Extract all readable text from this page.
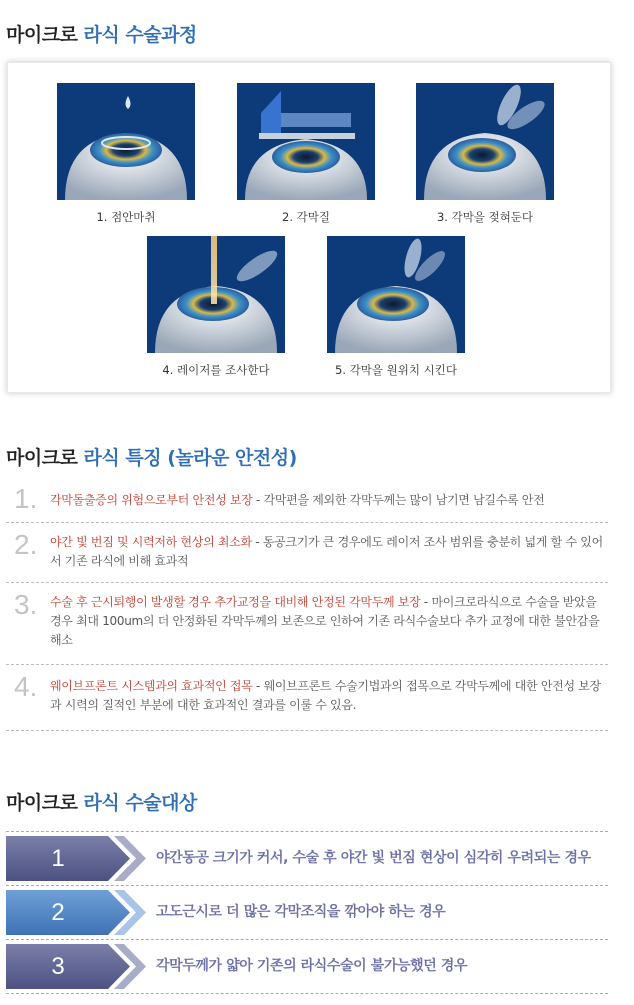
마이크로 라식 수술과정
1. 점안마취	2. 각막질	3. 각막을 젖혀둔다
4. 레이저를 조사한다	5. 각막을 원위치 시킨다
마이크로 라식 특징 (놀라운 안전성)
1. 각막돌출증의 위험으로부터 안전성 보장 - 각막편을 제외한 각막두께는 많이 남기면 남길수록 안전
2. 야간 빛 번짐 및 시력저하 현상의 최소화 - 동공크기가 큰 경우에도 레이저 조사 범위를 충분히 넓게 할 수 있어서 기존 라식에 비해 효과적
3. 수술 후 근시퇴행이 발생할 경우 추가교정을 대비해 안정된 각막두께 보장 - 마이크로라식으로 수술을 받았을 경우 최대 100um의 더 안정화된 각막두께의 보존으로 인하여 기존 라식수술보다 추가 교정에 대한 불안감을 해소
4. 웨이브프론트 시스템과의 효과적인 접목 - 웨이브프론트 수술기법과의 접목으로 각막두께에 대한 안전성 보장과 시력의 질적인 부분에 대한 효과적인 결과를 이룰 수 있음.
마이크로 라식 수술대상
1	야간동공 크기가 커서, 수술 후 야간 빛 번짐 현상이 심각히 우려되는 경우
2	고도근시로 더 많은 각막조직을 깎아야 하는 경우
3	각막두께가 얇아 기존의 라식수술이 불가능했던 경우
